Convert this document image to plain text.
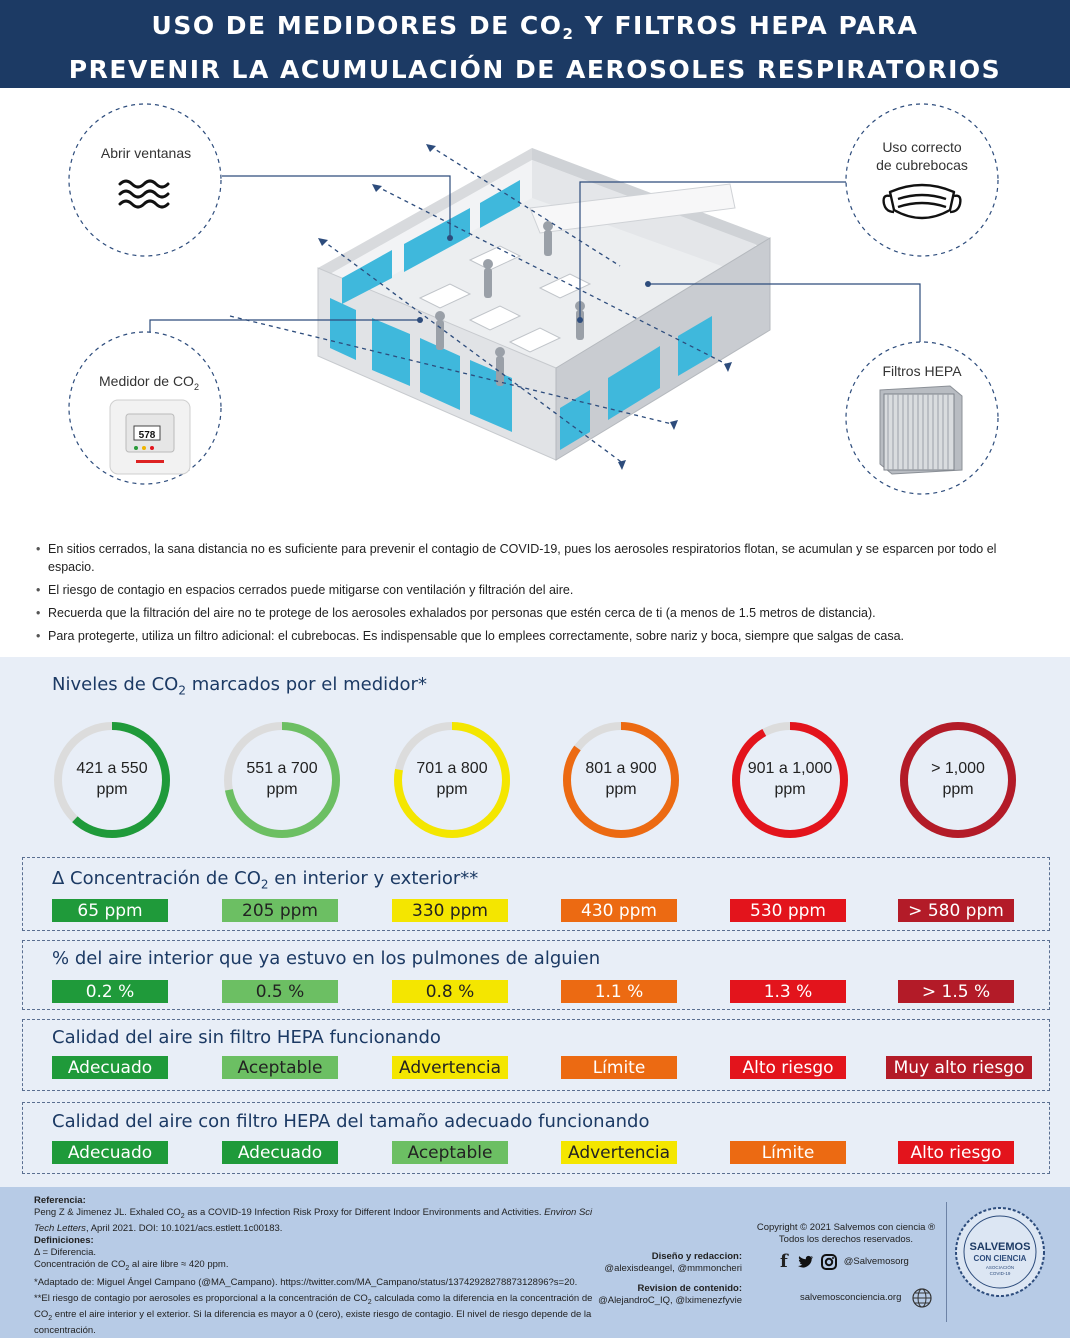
USO DE MEDIDORES DE $CO_2$ Y FILTROS HEPA PARA
PREVENIR LA ACUMULACIÓN DE AEROSOLES RESPIRATORIOS
578
Abrir ventanas	Uso correcto
de cubrebocas
Medidor de $CO_2$
Filtros HEPA
• En sitios cerrados, la sana distancia no es suficiente para prevenir el contagio de COVID-19, pues los aerosoles respiratorios flotan, se acumulan y se esparcen por todo el espacio.
• El riesgo de contagio en espacios cerrados puede mitigarse con ventilación y filtración del aire.
• Recuerda que la filtración del aire no te protege de los aerosoles exhalados por personas que estén cerca de ti (a menos de 1.5 metros de distancia).
• Para protegerte, utiliza un filtro adicional: el cubrebocas. Es indispensable que lo emplees correctamente, sobre nariz y boca, siempre que salgas de casa.
Niveles de $CO_2$ marcados por el medidor*
421 a 550
ppm
551 a 700
ppm
701 a 800
ppm
801 a 900
ppm
901 a 1,000
ppm
> 1,000
ppm
Δ Concentración de $CO_2$ en interior y exterior**
% del aire interior que ya estuvo en los pulmones de alguien
Calidad del aire sin filtro HEPA funcionando
Calidad del aire con filtro HEPA del tamaño adecuado funcionando
65 ppm	205 ppm	330 ppm	430 ppm	530 ppm	> 580 ppm
0.2 %	0.5 %	0.8 %	1.1 %	1.3 %	> 1.5 %
Adecuado	Aceptable	Advertencia	Límite	Alto riesgo	Muy alto riesgo
Adecuado	Adecuado	Aceptable	Advertencia	Límite	Alto riesgo
Referencia:
Peng Z & Jimenez JL. Exhaled $CO_2$ as a COVID-19 Infection Risk Proxy for Different Indoor Environments and Activities. Environ Sci Tech Letters, April 2021. DOI: 10.1021/acs.estlett.1c00183.
Definiciones:
Δ = Diferencia.
Concentración de $CO_2$ al aire libre ≈ 420 ppm.
*Adaptado de: Miguel Ángel Campano (@MA_Campano). https://twitter.com/MA_Campano/status/1374292827887312896?s=20.
**El riesgo de contagio por aerosoles es proporcional a la concentración de $CO_2$ calculada como la diferencia en la concentración de $CO_2$ entre el aire interior y el exterior. Si la diferencia es mayor a 0 (cero), existe riesgo de contagio. El nivel de riesgo depende de la concentración.
Diseño y redaccion:
@alexisdeangel, @mmmoncheri
Revision de contenido:
@AlejandroC_IQ, @lximenezfyvie
Copyright © 2021 Salvemos con ciencia ®
Todos los derechos reservados.
f	@Salvemosorg
salvemosconciencia.org
SALVEMOS
CON CIENCIA
ASOCIACIÓN
COVID-19
